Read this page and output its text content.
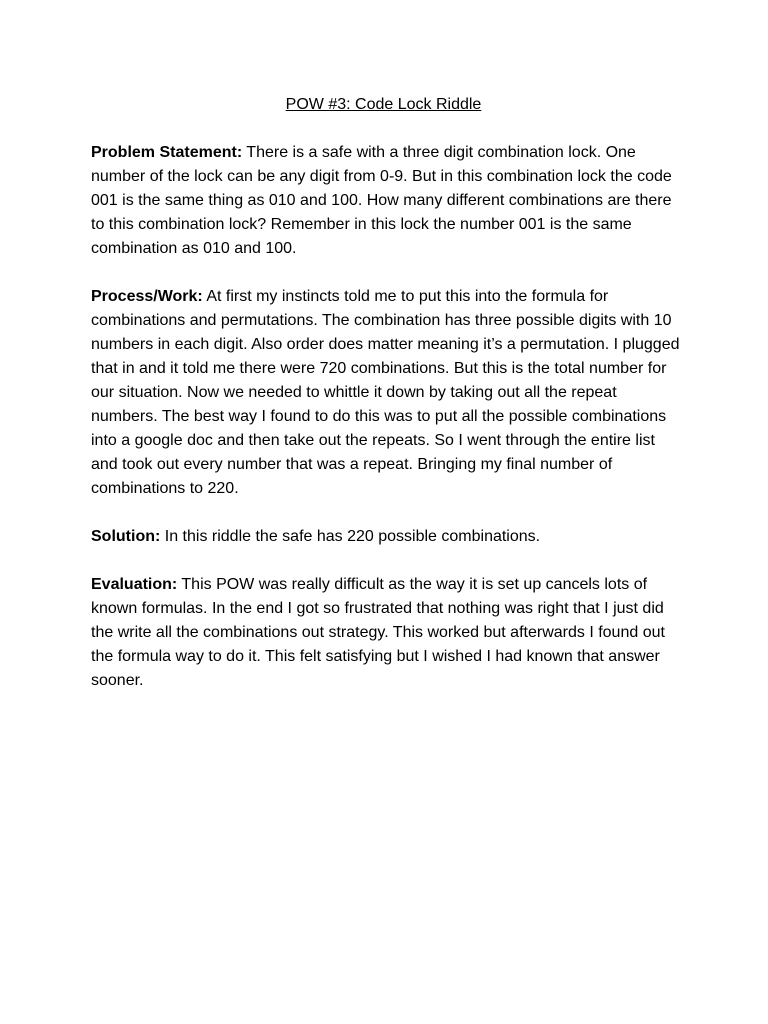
POW #3: Code Lock Riddle

Problem Statement: There is a safe with a three digit combination lock. One number of the lock can be any digit from 0-9. But in this combination lock the code 001 is the same thing as 010 and 100. How many different combinations are there to this combination lock? Remember in this lock the number 001 is the same combination as 010 and 100.

Process/Work: At first my instincts told me to put this into the formula for combinations and permutations. The combination has three possible digits with 10 numbers in each digit. Also order does matter meaning it’s a permutation. I plugged that in and it told me there were 720 combinations. But this is the total number for our situation. Now we needed to whittle it down by taking out all the repeat numbers. The best way I found to do this was to put all the possible combinations into a google doc and then take out the repeats. So I went through the entire list and took out every number that was a repeat. Bringing my final number of combinations to 220.

Solution: In this riddle the safe has 220 possible combinations.

Evaluation: This POW was really difficult as the way it is set up cancels lots of known formulas. In the end I got so frustrated that nothing was right that I just did the write all the combinations out strategy. This worked but afterwards I found out the formula way to do it. This felt satisfying but I wished I had known that answer sooner.
